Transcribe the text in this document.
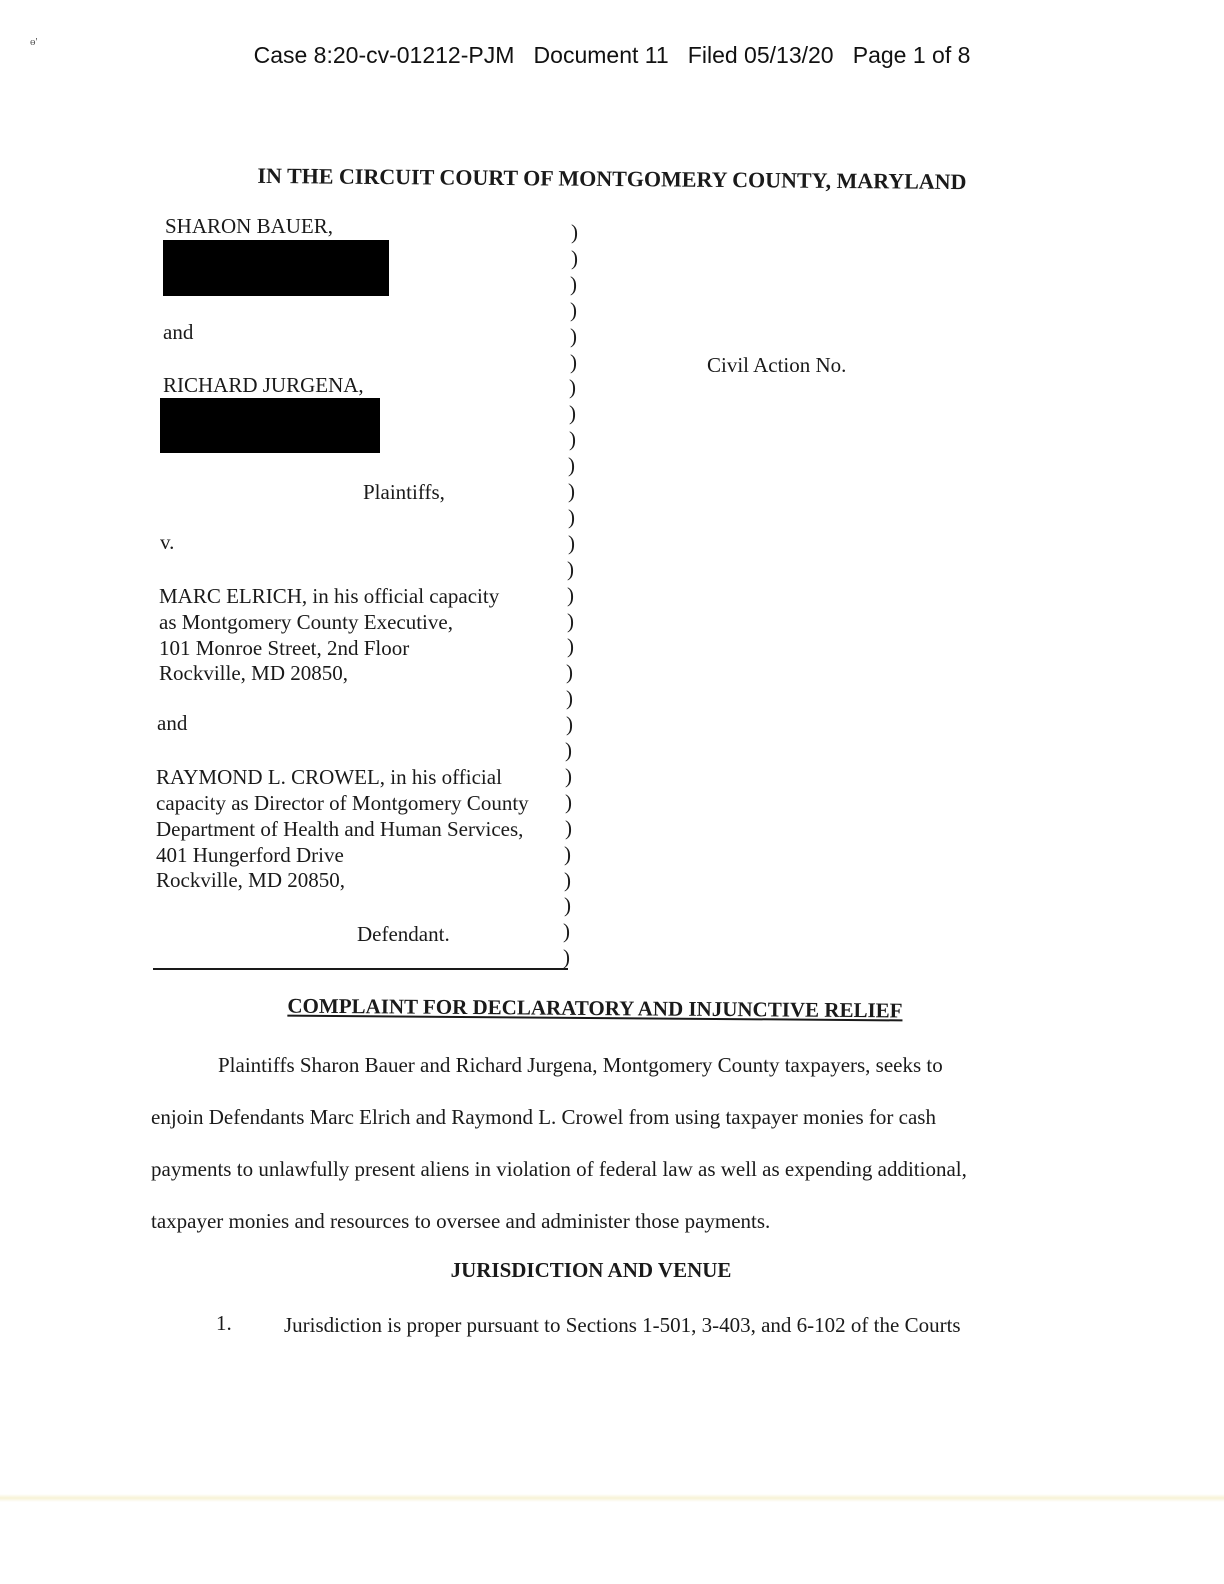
ɵ'	Case 8:20-cv-01212-PJM   Document 11   Filed 05/13/20   Page 1 of 8
IN THE CIRCUIT COURT OF MONTGOMERY COUNTY, MARYLAND
SHARON BAUER,
and
RICHARD JURGENA,
Plaintiffs,
v.
MARC ELRICH, in his official capacity
as Montgomery County Executive,
101 Monroe Street, 2nd Floor
Rockville, MD 20850,
and
RAYMOND L. CROWEL, in his official
capacity as Director of Montgomery County
Department of Health and Human Services,
401 Hungerford Drive
Rockville, MD 20850,
Defendant.
)
)
)
)
)
)
)
)
)
)
)
)
)
)
)
)
)
)
)
)
)
)
)
)
)
)
)
)
)
Civil Action No.
COMPLAINT FOR DECLARATORY AND INJUNCTIVE RELIEF
Plaintiffs Sharon Bauer and Richard Jurgena, Montgomery County taxpayers, seeks to
enjoin Defendants Marc Elrich and Raymond L. Crowel from using taxpayer monies for cash
payments to unlawfully present aliens in violation of federal law as well as expending additional,
taxpayer monies and resources to oversee and administer those payments.
JURISDICTION AND VENUE
1. Jurisdiction is proper pursuant to Sections 1-501, 3-403, and 6-102 of the Courts
